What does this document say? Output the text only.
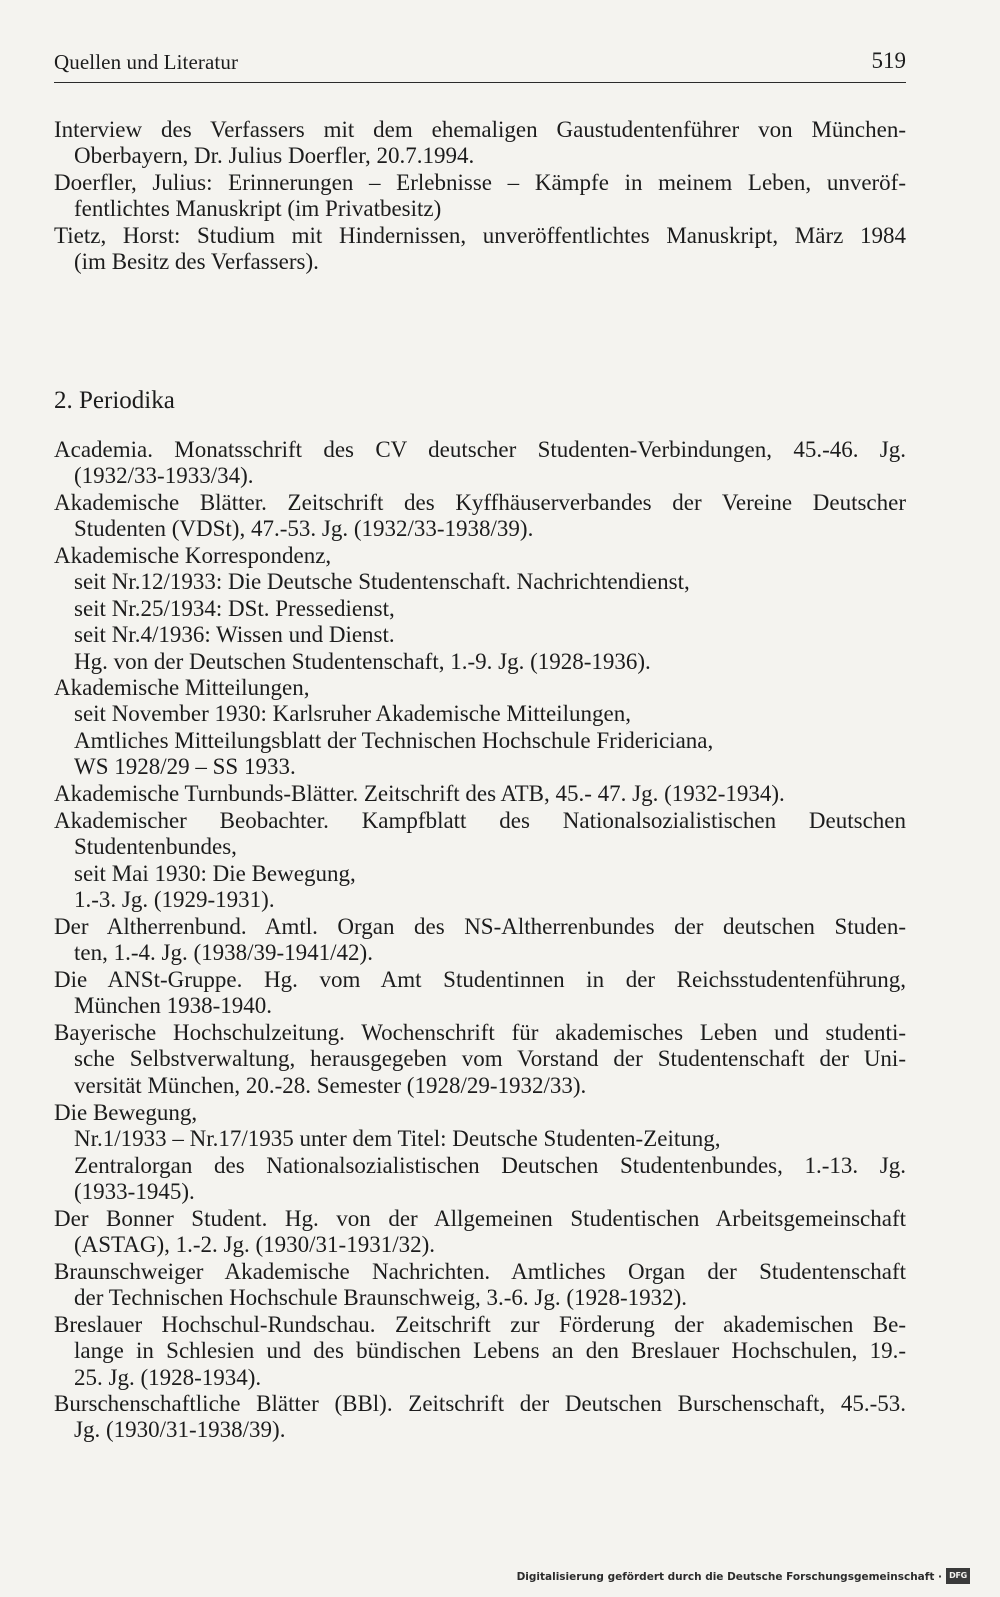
Quellen und Literatur	519

Interview des Verfassers mit dem ehemaligen Gaustudentenführer von München-
Oberbayern, Dr. Julius Doerfler, 20.7.1994.

Doerfler, Julius: Erinnerungen – Erlebnisse – Kämpfe in meinem Leben, unveröf-
fentlichtes Manuskript (im Privatbesitz)

Tietz, Horst: Studium mit Hindernissen, unveröffentlichtes Manuskript, März 1984
(im Besitz des Verfassers).

2. Periodika

Academia. Monatsschrift des CV deutscher Studenten-Verbindungen, 45.-46. Jg.
(1932/33-1933/34).

Akademische Blätter. Zeitschrift des Kyffhäuserverbandes der Vereine Deutscher
Studenten (VDSt), 47.-53. Jg. (1932/33-1938/39).

Akademische Korrespondenz,
seit Nr.12/1933: Die Deutsche Studentenschaft. Nachrichtendienst,
seit Nr.25/1934: DSt. Pressedienst,
seit Nr.4/1936: Wissen und Dienst.
Hg. von der Deutschen Studentenschaft, 1.-9. Jg. (1928-1936).

Akademische Mitteilungen,
seit November 1930: Karlsruher Akademische Mitteilungen,
Amtliches Mitteilungsblatt der Technischen Hochschule Fridericiana,
WS 1928/29 – SS 1933.

Akademische Turnbunds-Blätter. Zeitschrift des ATB, 45.- 47. Jg. (1932-1934).

Akademischer Beobachter. Kampfblatt des Nationalsozialistischen Deutschen
Studentenbundes,
seit Mai 1930: Die Bewegung,
1.-3. Jg. (1929-1931).

Der Altherrenbund. Amtl. Organ des NS-Altherrenbundes der deutschen Studen-
ten, 1.-4. Jg. (1938/39-1941/42).

Die ANSt-Gruppe. Hg. vom Amt Studentinnen in der Reichsstudentenführung,
München 1938-1940.

Bayerische Hochschulzeitung. Wochenschrift für akademisches Leben und studenti-
sche Selbstverwaltung, herausgegeben vom Vorstand der Studentenschaft der Uni-
versität München, 20.-28. Semester (1928/29-1932/33).

Die Bewegung,
Nr.1/1933 – Nr.17/1935 unter dem Titel: Deutsche Studenten-Zeitung,
Zentralorgan des Nationalsozialistischen Deutschen Studentenbundes, 1.-13. Jg.
(1933-1945).

Der Bonner Student. Hg. von der Allgemeinen Studentischen Arbeitsgemeinschaft
(ASTAG), 1.-2. Jg. (1930/31-1931/32).

Braunschweiger Akademische Nachrichten. Amtliches Organ der Studentenschaft
der Technischen Hochschule Braunschweig, 3.-6. Jg. (1928-1932).

Breslauer Hochschul-Rundschau. Zeitschrift zur Förderung der akademischen Be-
lange in Schlesien und des bündischen Lebens an den Breslauer Hochschulen, 19.-
25. Jg. (1928-1934).

Burschenschaftliche Blätter (BBl). Zeitschrift der Deutschen Burschenschaft, 45.-53.
Jg. (1930/31-1938/39).

Digitalisierung gefördert durch die Deutsche Forschungsgemeinschaft · DFG
